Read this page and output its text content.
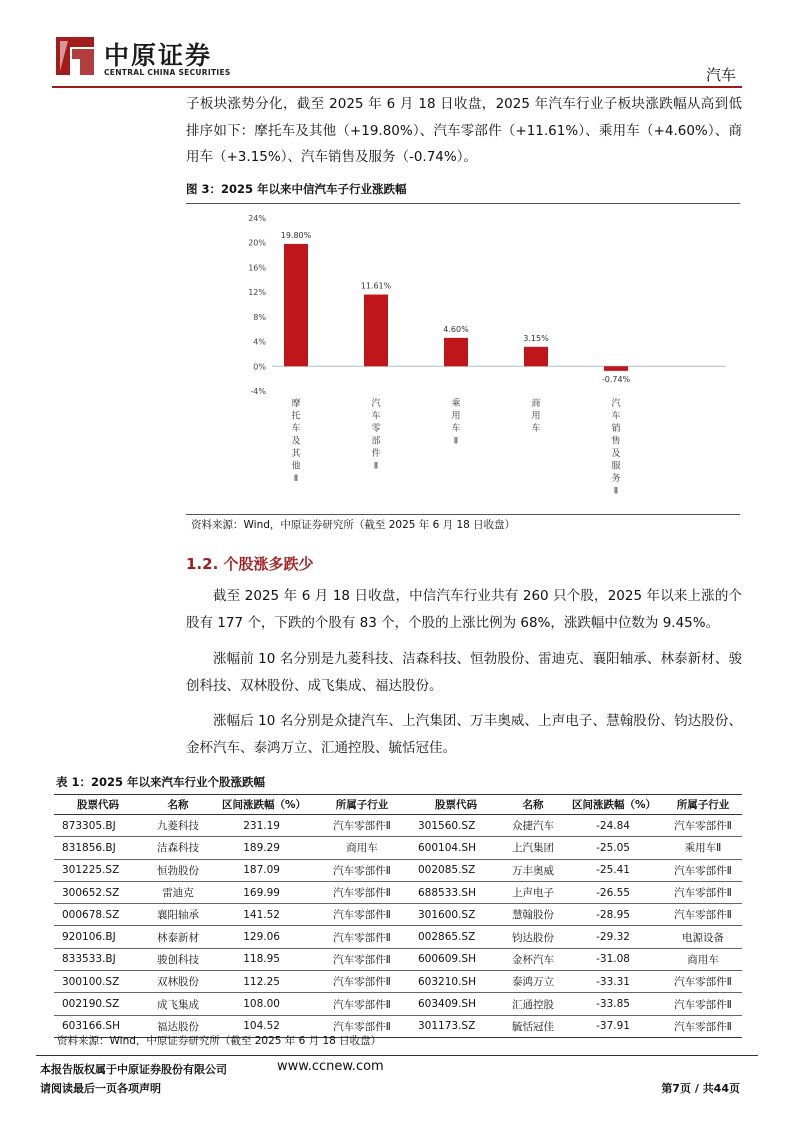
中原证券
CENTRAL CHINA SECURITIES	汽车
子板块涨势分化，截至 2025 年 6 月 18 日收盘，2025 年汽车行业子板块涨跌幅从高到低排序如下：摩托车及其他（+19.80%）、汽车零部件（+11.61%）、乘用车（+4.60%）、商用车（+3.15%）、汽车销售及服务（-0.74%）。
图 3：2025 年以来中信汽车子行业涨跌幅
-4%
0%
4%
8%
12%
16%
20%
24%
19.80%
摩托车及其他 Ⅱ
11.61%
汽车零部件 Ⅱ
4.60%
乘用车 Ⅱ
3.15%
商用车
-0.74%
汽车销售及服务 Ⅱ
资料来源：Wind，中原证券研究所（截至 2025 年 6 月 18 日收盘）
1.2. 个股涨多跌少
截至 2025 年 6 月 18 日收盘，中信汽车行业共有 260 只个股，2025 年以来上涨的个股有 177 个，下跌的个股有 83 个，个股的上涨比例为 68%，涨跌幅中位数为 9.45%。
涨幅前 10 名分别是九菱科技、洁森科技、恒勃股份、雷迪克、襄阳轴承、林泰新材、骏创科技、双林股份、成飞集成、福达股份。
涨幅后 10 名分别是众捷汽车、上汽集团、万丰奥威、上声电子、慧翰股份、钧达股份、金杯汽车、泰鸿万立、汇通控股、毓恬冠佳。
表 1：2025 年以来汽车行业个股涨跌幅
股票代码	名称	区间涨跌幅（%）	所属子行业	股票代码	名称	区间涨跌幅（%）	所属子行业
873305.BJ	九菱科技	231.19	汽车零部件Ⅱ	301560.SZ	众捷汽车	-24.84	汽车零部件Ⅱ
831856.BJ	洁森科技	189.29	商用车	600104.SH	上汽集团	-25.05	乘用车Ⅱ
301225.SZ	恒勃股份	187.09	汽车零部件Ⅱ	002085.SZ	万丰奥威	-25.41	汽车零部件Ⅱ
300652.SZ	雷迪克	169.99	汽车零部件Ⅱ	688533.SH	上声电子	-26.55	汽车零部件Ⅱ
000678.SZ	襄阳轴承	141.52	汽车零部件Ⅱ	301600.SZ	慧翰股份	-28.95	汽车零部件Ⅱ
920106.BJ	林泰新材	129.06	汽车零部件Ⅱ	002865.SZ	钧达股份	-29.32	电源设备
833533.BJ	骏创科技	118.95	汽车零部件Ⅱ	600609.SH	金杯汽车	-31.08	商用车
300100.SZ	双林股份	112.25	汽车零部件Ⅱ	603210.SH	泰鸿万立	-33.31	汽车零部件Ⅱ
002190.SZ	成飞集成	108.00	汽车零部件Ⅱ	603409.SH	汇通控股	-33.85	汽车零部件Ⅱ
603166.SH	福达股份	104.52	汽车零部件Ⅱ	301173.SZ	毓恬冠佳	-37.91	汽车零部件Ⅱ
资料来源：Wind，中原证券研究所（截至 2025 年 6 月 18 日收盘）
本报告版权属于中原证券股份有限公司	www.ccnew.com
请阅读最后一页各项声明	第7页 / 共44页
